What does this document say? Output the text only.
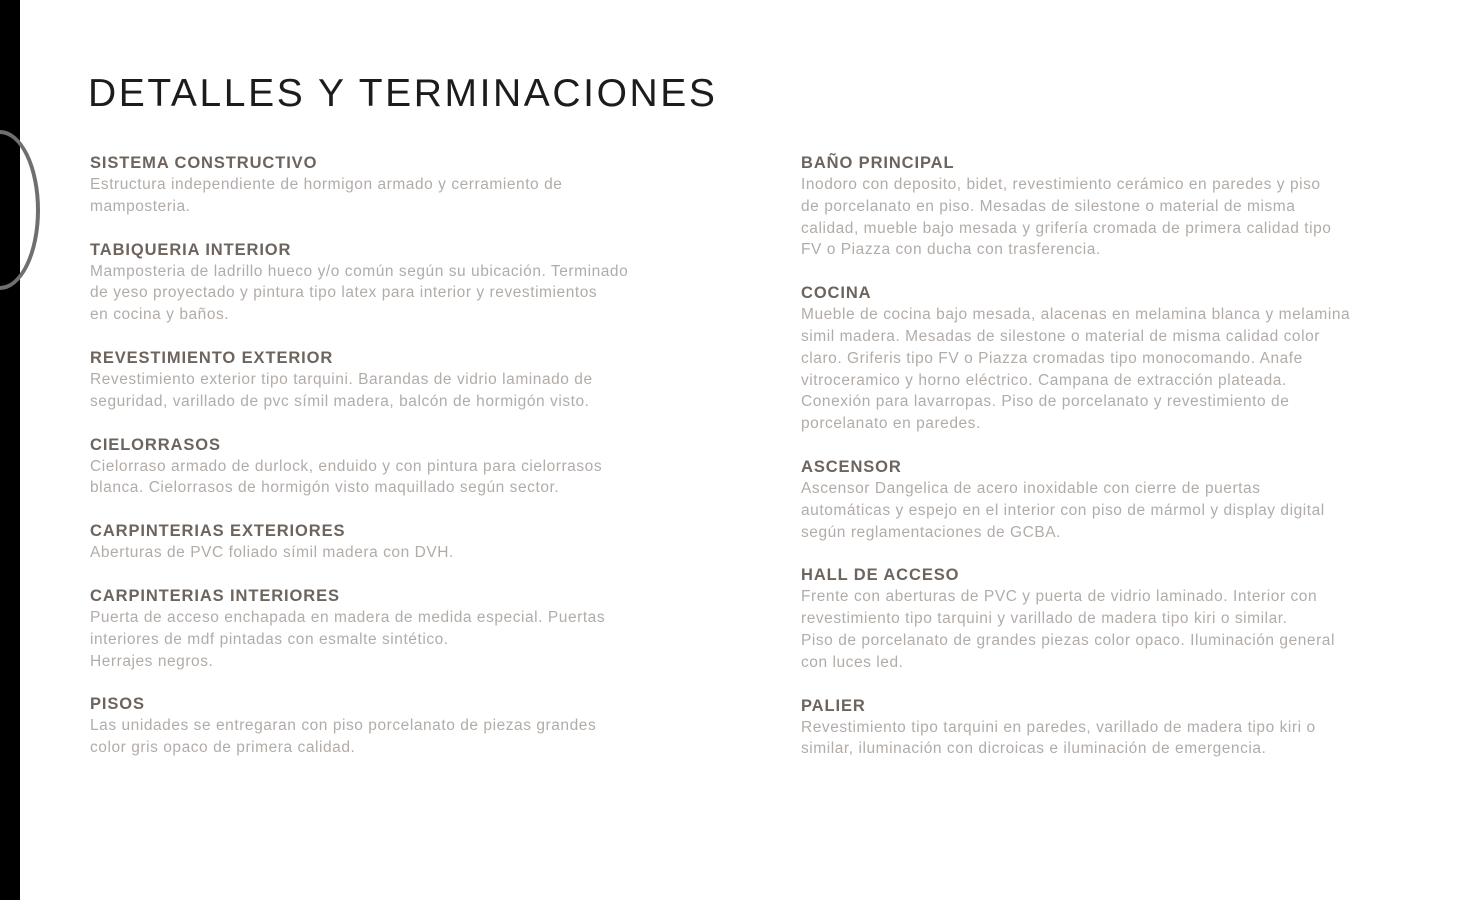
DETALLES Y TERMINACIONES
SISTEMA CONSTRUCTIVO
Estructura independiente de hormigon armado y cerramiento de
mamposteria.
TABIQUERIA INTERIOR
Mamposteria de ladrillo hueco y/o común según su ubicación. Terminado
de yeso proyectado y pintura tipo latex para interior y revestimientos
en cocina y baños.
REVESTIMIENTO EXTERIOR
Revestimiento exterior tipo tarquini. Barandas de vidrio laminado de
seguridad, varillado de pvc símil madera, balcón de hormigón visto.
CIELORRASOS
Cielorraso armado de durlock, enduido y con pintura para cielorrasos
blanca. Cielorrasos de hormigón visto maquillado según sector.
CARPINTERIAS EXTERIORES
Aberturas de PVC foliado símil madera con DVH.
CARPINTERIAS INTERIORES
Puerta de acceso enchapada en madera de medida especial. Puertas
interiores de mdf pintadas con esmalte sintético.
Herrajes negros.
PISOS
Las unidades se entregaran con piso porcelanato de piezas grandes
color gris opaco de primera calidad.
BAÑO PRINCIPAL
Inodoro con deposito, bidet, revestimiento cerámico en paredes y piso
de porcelanato en piso. Mesadas de silestone o material de misma
calidad, mueble bajo mesada y grifería cromada de primera calidad tipo
FV o Piazza con ducha con trasferencia.
COCINA
Mueble de cocina bajo mesada, alacenas en melamina blanca y melamina
simil madera. Mesadas de silestone o material de misma calidad color
claro. Griferis tipo FV o Piazza cromadas tipo monocomando. Anafe
vitroceramico y horno eléctrico. Campana de extracción plateada.
Conexión para lavarropas. Piso de porcelanato y revestimiento de
porcelanato en paredes.
ASCENSOR
Ascensor Dangelica de acero inoxidable con cierre de puertas
automáticas y espejo en el interior con piso de mármol y display digital
según reglamentaciones de GCBA.
HALL DE ACCESO
Frente con aberturas de PVC y puerta de vidrio laminado. Interior con
revestimiento tipo tarquini y varillado de madera tipo kiri o similar.
Piso de porcelanato de grandes piezas color opaco. Iluminación general
con luces led.
PALIER
Revestimiento tipo tarquini en paredes, varillado de madera tipo kiri o
similar, iluminación con dicroicas e iluminación de emergencia.
